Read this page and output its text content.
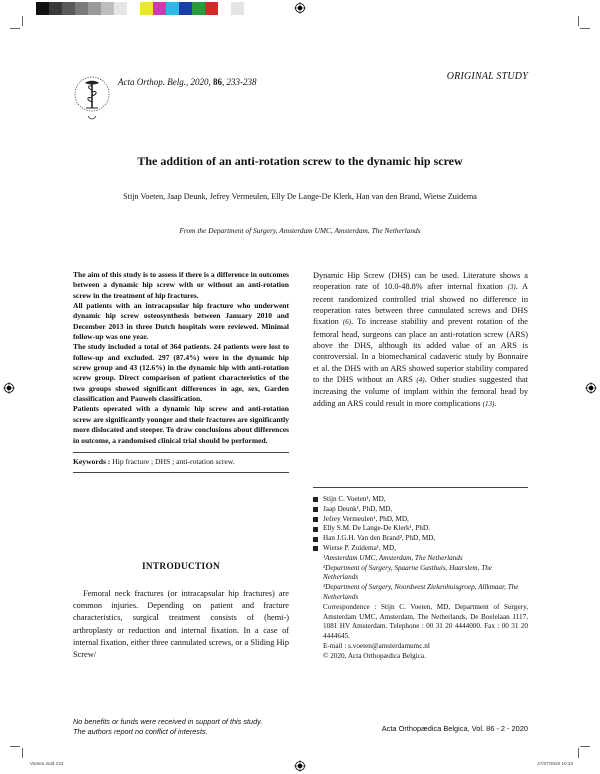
Acta Orthop. Belg., 2020, 86, 233-238	ORIGINAL STUDY
The addition of an anti-rotation screw to the dynamic hip screw
Stijn Voeten, Jaap Deunk, Jefrey Vermeulen, Elly De Lange-De Klerk, Han van den Brand, Wietse Zuidema
From the Department of Surgery, Amsterdam UMC, Amsterdam, The Netherlands

The aim of this study is to assess if there is a difference in outcomes between a dynamic hip screw with or without an anti-rotation screw in the treatment of hip fractures.

All patients with an intracapsular hip fracture who underwent dynamic hip screw osteosynthesis between January 2010 and December 2013 in three Dutch hospitals were reviewed. Minimal follow-up was one year.

The study included a total of 364 patients. 24 patients were lost to follow-up and excluded. 297 (87.4%) were in the dynamic hip screw group and 43 (12.6%) in the dynamic hip with anti-rotation screw group. Direct comparison of patient characteristics of the two groups showed significant differences in age, sex, Garden classification and Pauwels classification.

Patients operated with a dynamic hip screw and anti-rotation screw are significantly younger and their fractures are significantly more dislocated and steeper. To draw conclusions about differences in outcome, a randomised clinical trial should be performed.

Keywords : Hip fracture ; DHS ; anti-rotation screw.
INTRODUCTION

Femoral neck fractures (or intracapsular hip fractures) are common injuries. Depending on patient and fracture characteristics, surgical treatment consists of (hemi-) arthroplasty or reduction and internal fixation. In a case of internal fixation, either three cannulated screws, or a Sliding Hip Screw/

Dynamic Hip Screw (DHS) can be used. Literature shows a reoperation rate of 10.0-48.8% after internal fixation (3). A recent randomized controlled trial showed no difference in reoperation rates between three cannulated screws and DHS fixation (6). To increase stability and prevent rotation of the femoral head, surgeons can place an anti-rotation screw (ARS) above the DHS, although its added value of an ARS is controversial. In a biomechanical cadaveric study by Bonnaire et al. the DHS with an ARS showed superior stability compared to the DHS without an ARS (4). Other studies suggested that increasing the volume of implant within the femoral head by adding an ARS could result in more complications (13).

Stijn C. Voeten¹, MD,
Jaap Deunk¹, PhD, MD,
Jefrey Vermeulen¹, PhD, MD,
Elly S.M. De Lange-De Klerk¹, PhD.
Han J.G.H. Van den Brand², PhD, MD,
Wietse P. Zuidema¹, MD,
¹Amsterdam UMC, Amsterdam, The Netherlands
²Department of Surgery, Spaarne Gasthuis, Haarslem, The Netherlands
³Department of Surgery, Noordwest Ziekenhuisgroep, Allkmaar, The Netherlands
Correspondence : Stijn C. Voeten, MD, Department of Surgery, Amsterdam UMC, Amsterdam, The Netherlands, De Boelelaan 1117, 1081 HV Amsterdam. Telephone : 00 31 20 4444000. Fax : 00 31 20 4444645.
E-mail : s.voeten@amsterdamumc.nl
© 2020, Acta Orthopædica Belgica.
No benefits or funds were received in support of this study.
The authors report no conflict of interests.	Acta Orthopædica Belgica, Vol. 86 - 2 - 2020
Voeten.indd 233	27/07/2020 10:33
